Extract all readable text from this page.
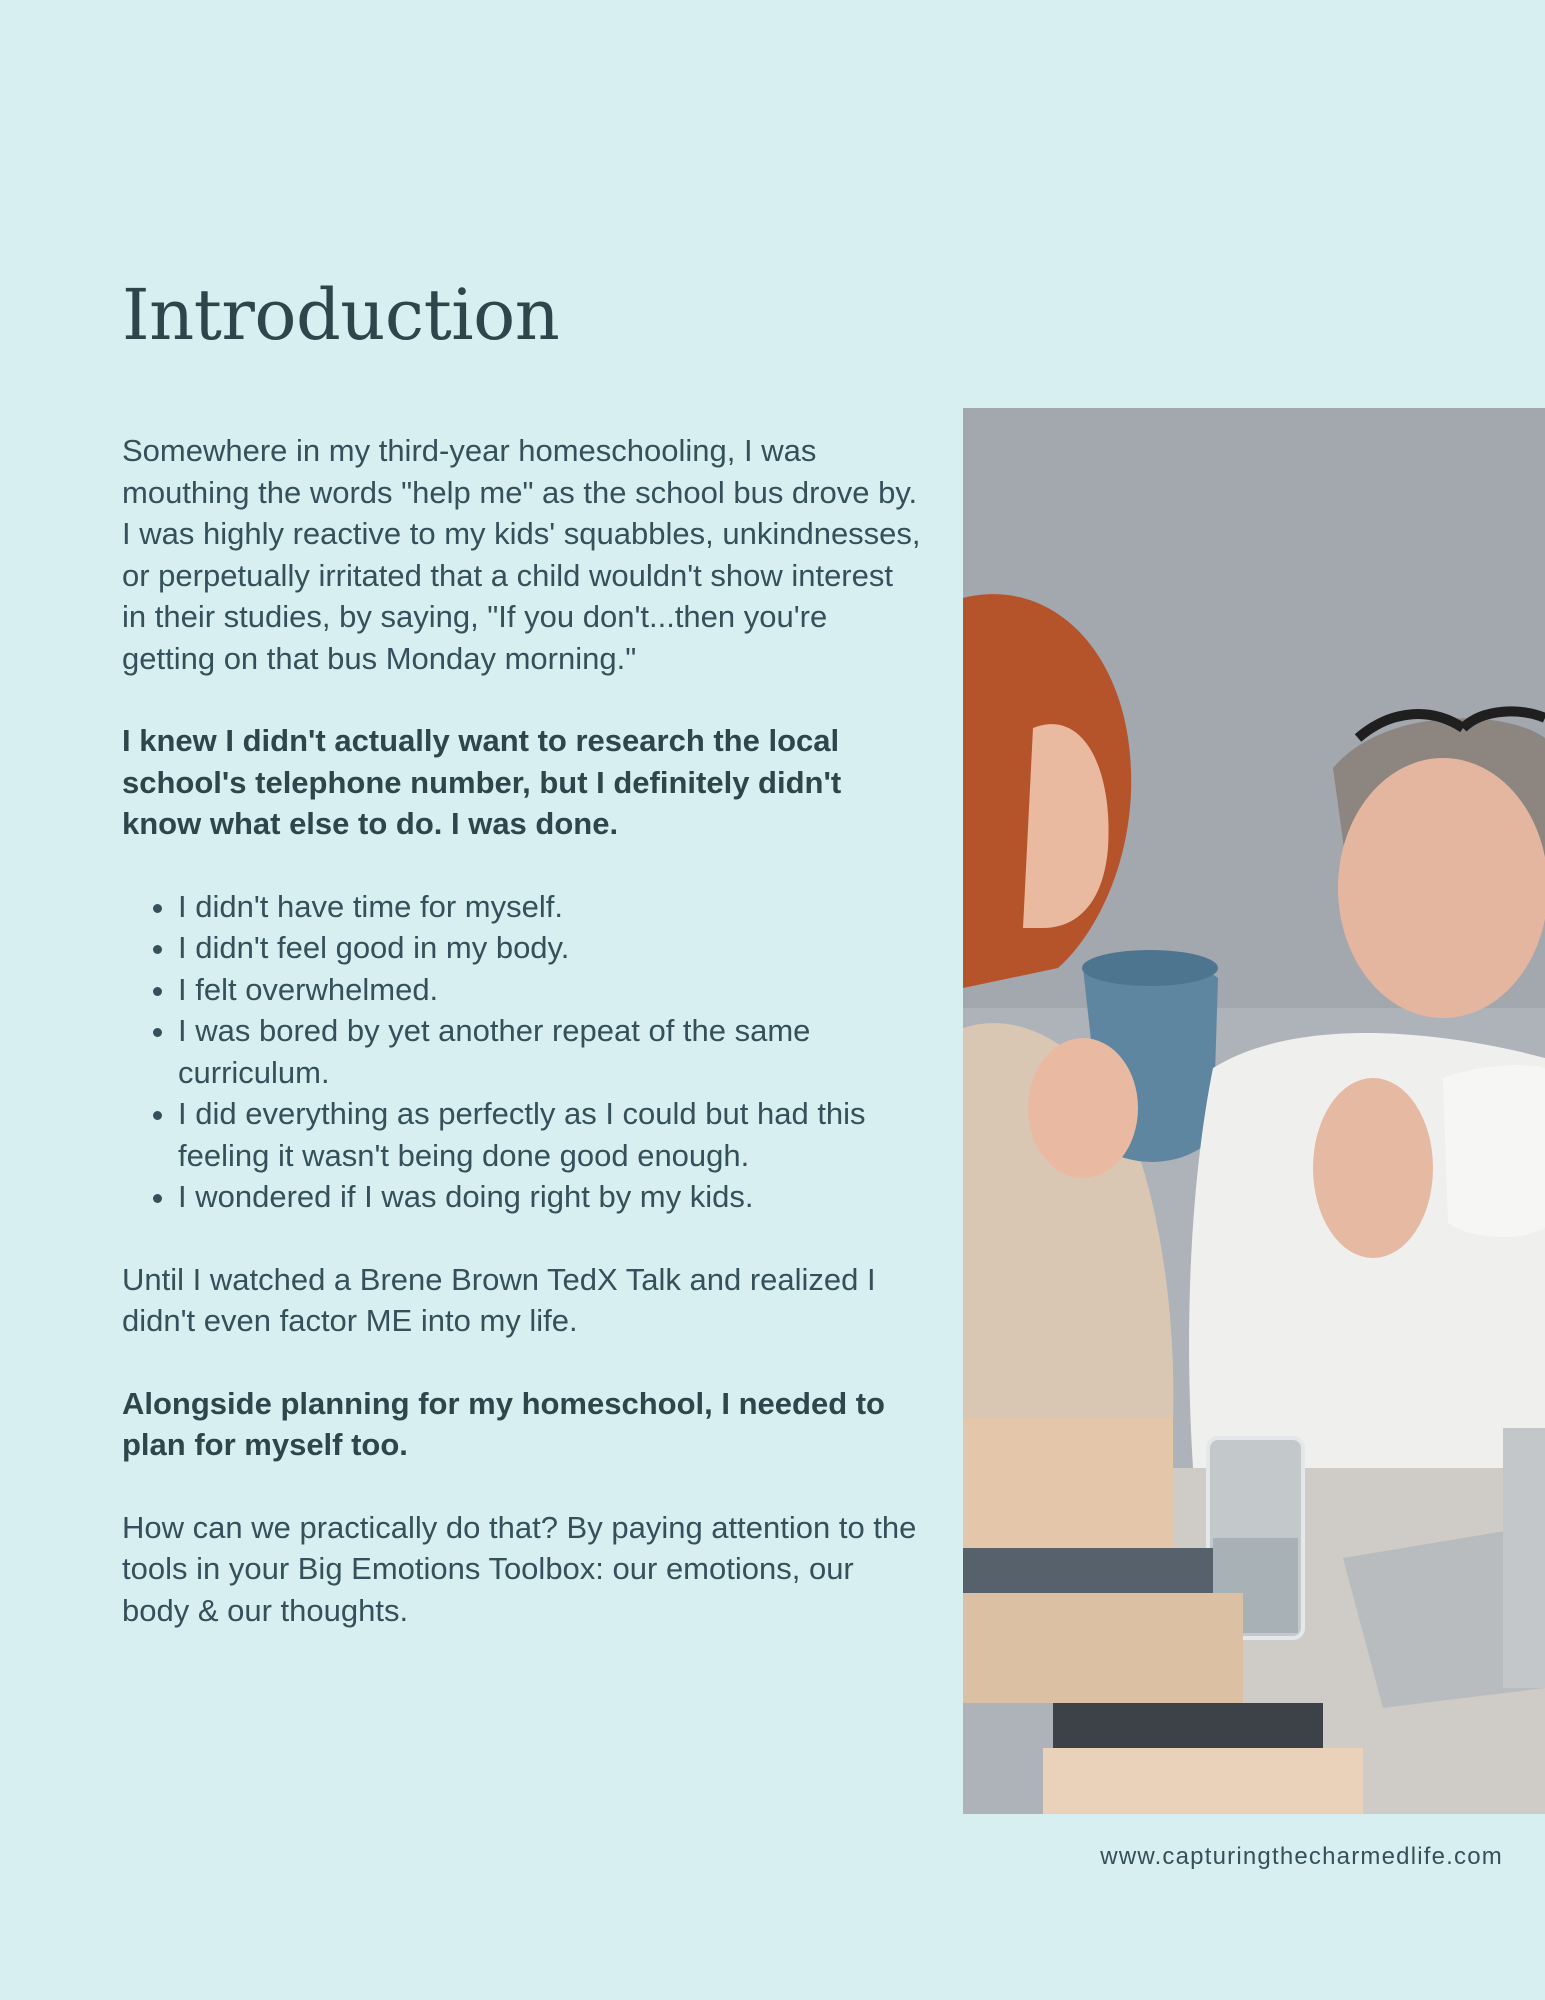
Introduction

Somewhere in my third-year homeschooling, I was mouthing the words "help me" as the school bus drove by. I was highly reactive to my kids' squabbles, unkindnesses, or perpetually irritated that a child wouldn't show interest in their studies, by saying, "If you don't...then you're getting on that bus Monday morning."

I knew I didn't actually want to research the local school's telephone number, but I definitely didn't know what else to do. I was done.

• I didn't have time for myself.
• I didn't feel good in my body.
• I felt overwhelmed.
• I was bored by yet another repeat of the same curriculum.
• I did everything as perfectly as I could but had this feeling it wasn't being done good enough.
• I wondered if I was doing right by my kids.

Until I watched a Brene Brown TedX Talk and realized I didn't even factor ME into my life.

Alongside planning for my homeschool, I needed to plan for myself too.

How can we practically do that? By paying attention to the tools in your Big Emotions Toolbox: our emotions, our body & our thoughts.

www.capturingthecharmedlife.com
